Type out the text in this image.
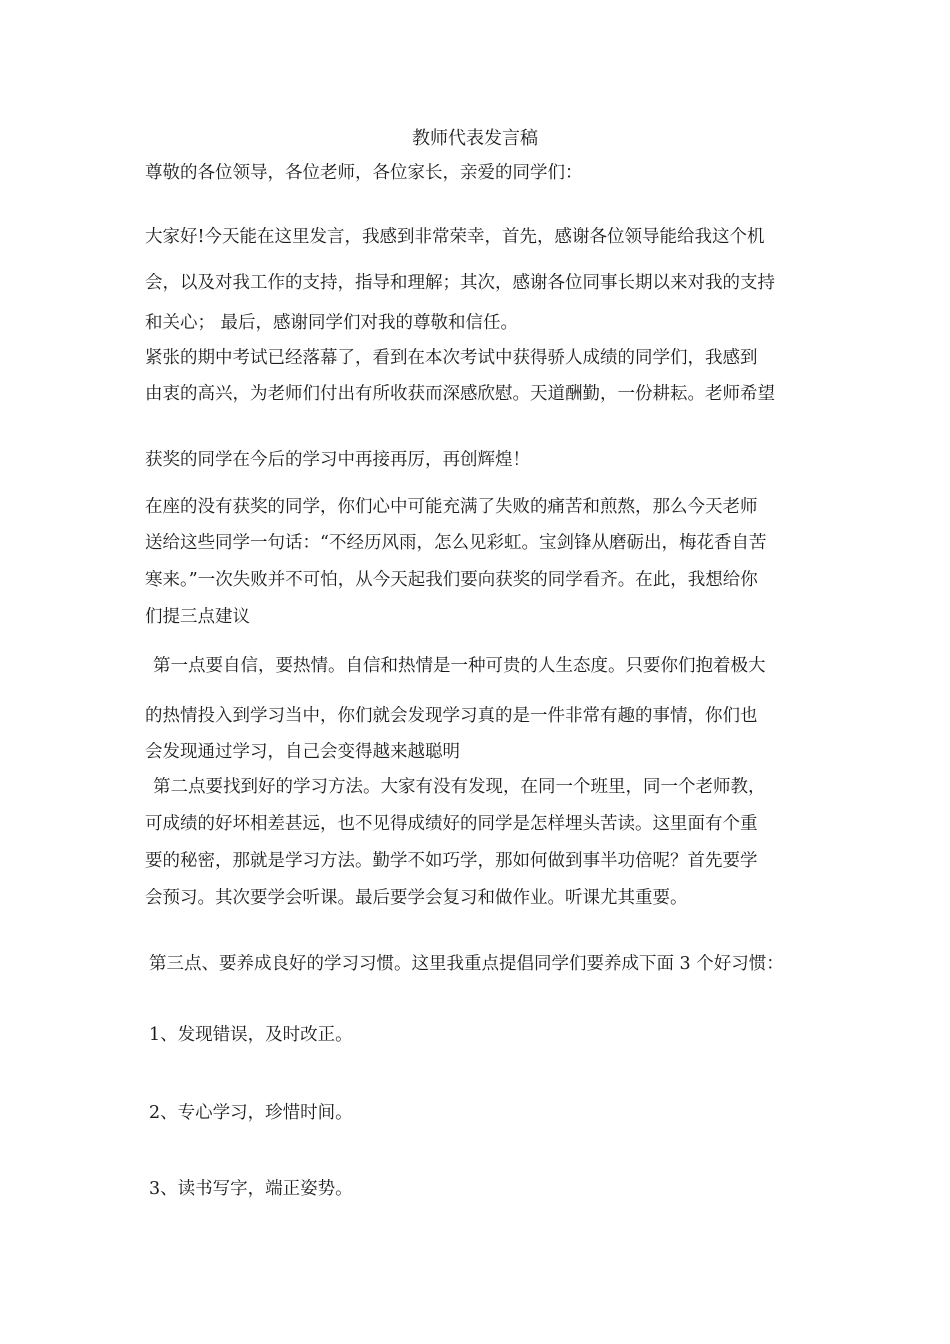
教师代表发言稿
尊敬的各位领导，各位老师，各位家长，亲爱的同学们：
大家好!今天能在这里发言，我感到非常荣幸，首先，感谢各位领导能给我这个机
会，以及对我工作的支持，指导和理解；其次，感谢各位同事长期以来对我的支持
和关心； 最后，感谢同学们对我的尊敬和信任。
紧张的期中考试已经落幕了，看到在本次考试中获得骄人成绩的同学们，我感到
由衷的高兴，为老师们付出有所收获而深感欣慰。天道酬勤，一份耕耘。老师希望
获奖的同学在今后的学习中再接再厉，再创辉煌！
在座的没有获奖的同学，你们心中可能充满了失败的痛苦和煎熬，那么今天老师
送给这些同学一句话：“不经历风雨，怎么见彩虹。宝剑锋从磨砺出，梅花香自苦
寒来。”一次失败并不可怕，从今天起我们要向获奖的同学看齐。在此，我想给你
们提三点建议
第一点要自信，要热情。自信和热情是一种可贵的人生态度。只要你们抱着极大
的热情投入到学习当中，你们就会发现学习真的是一件非常有趣的事情，你们也
会发现通过学习，自己会变得越来越聪明
第二点要找到好的学习方法。大家有没有发现，在同一个班里，同一个老师教，
可成绩的好坏相差甚远，也不见得成绩好的同学是怎样埋头苦读。这里面有个重
要的秘密，那就是学习方法。勤学不如巧学，那如何做到事半功倍呢？首先要学
会预习。其次要学会听课。最后要学会复习和做作业。听课尤其重要。
第三点、要养成良好的学习习惯。这里我重点提倡同学们要养成下面 3 个好习惯：
1、发现错误，及时改正。
2、专心学习，珍惜时间。
3、读书写字，端正姿势。
